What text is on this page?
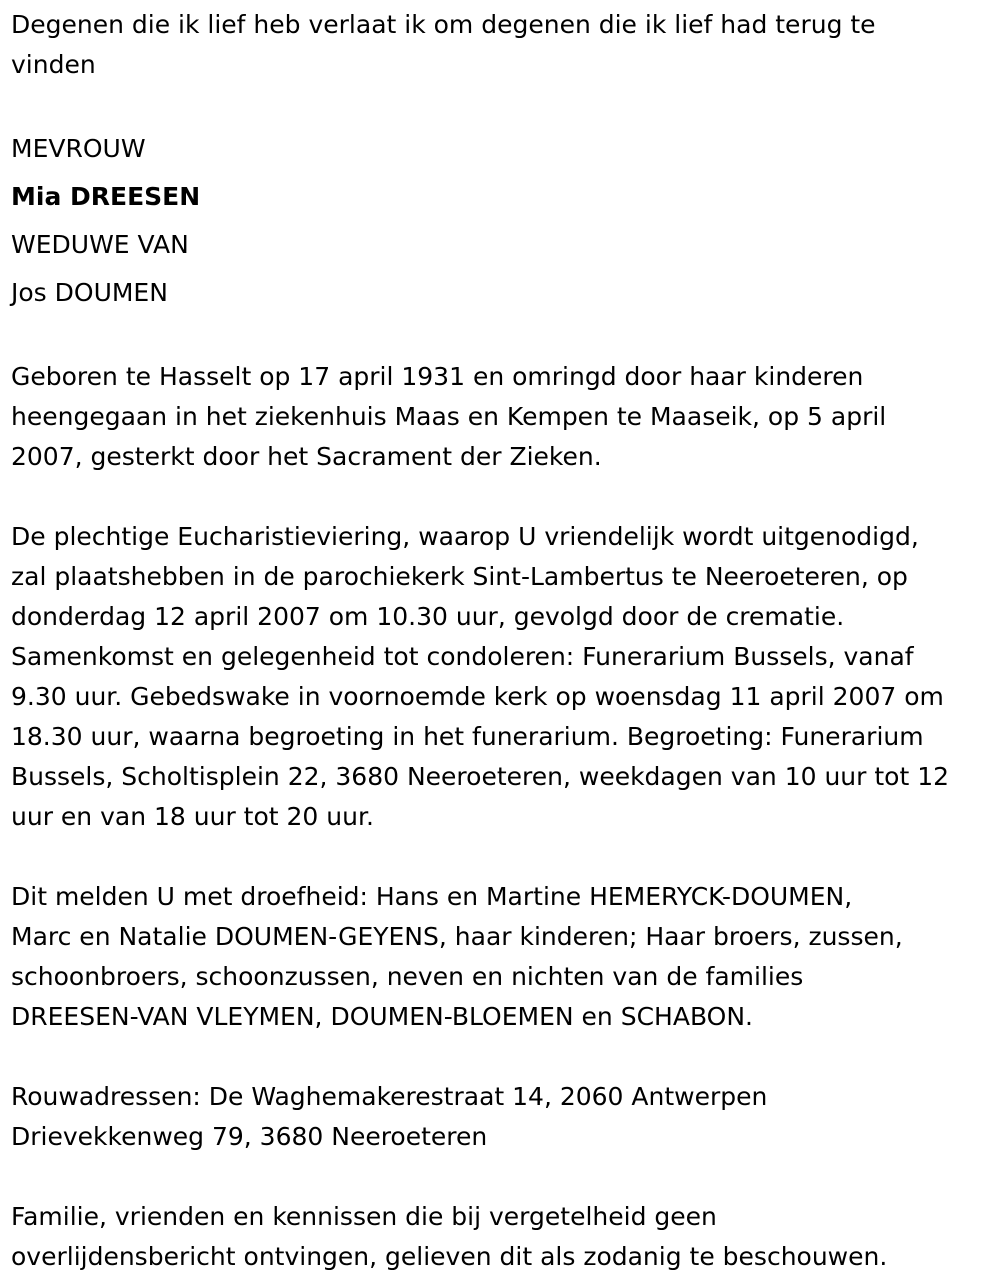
Degenen die ik lief heb verlaat ik om degenen die ik lief had terug te

vinden

MEVROUW

Mia DREESEN

WEDUWE VAN

Jos DOUMEN

Geboren te Hasselt op 17 april 1931 en omringd door haar kinderen

heengegaan in het ziekenhuis Maas en Kempen te Maaseik, op 5 april

2007, gesterkt door het Sacrament der Zieken.

De plechtige Eucharistieviering, waarop U vriendelijk wordt uitgenodigd,

zal plaatshebben in de parochiekerk Sint-Lambertus te Neeroeteren, op

donderdag 12 april 2007 om 10.30 uur, gevolgd door de crematie.

Samenkomst en gelegenheid tot condoleren: Funerarium Bussels, vanaf

9.30 uur. Gebedswake in voornoemde kerk op woensdag 11 april 2007 om

18.30 uur, waarna begroeting in het funerarium. Begroeting: Funerarium

Bussels, Scholtisplein 22, 3680 Neeroeteren, weekdagen van 10 uur tot 12

uur en van 18 uur tot 20 uur.

Dit melden U met droefheid: Hans en Martine HEMERYCK-DOUMEN,

Marc en Natalie DOUMEN-GEYENS, haar kinderen; Haar broers, zussen,

schoonbroers, schoonzussen, neven en nichten van de families

DREESEN-VAN VLEYMEN, DOUMEN-BLOEMEN en SCHABON.

Rouwadressen: De Waghemakerestraat 14, 2060 Antwerpen

Drievekkenweg 79, 3680 Neeroeteren

Familie, vrienden en kennissen die bij vergetelheid geen

overlijdensbericht ontvingen, gelieven dit als zodanig te beschouwen.
